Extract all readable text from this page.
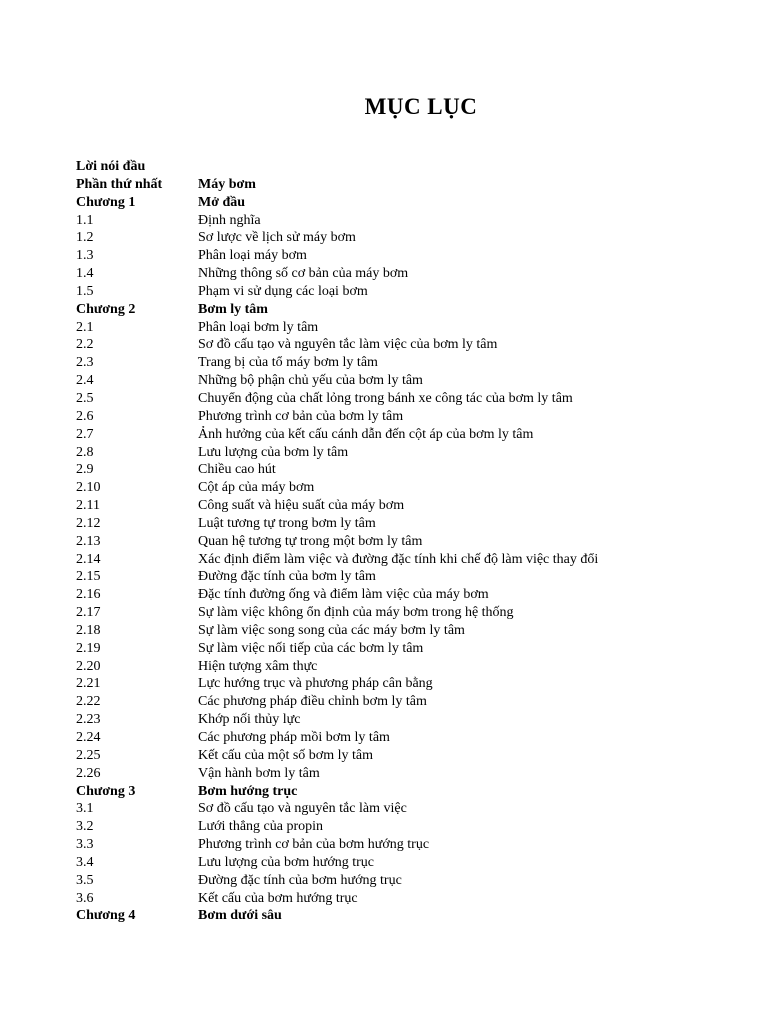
MỤC LỤC
Lời nói đầu
Phần thứ nhất	Máy bơm
Chương 1	Mở đầu
1.1	Định nghĩa
1.2	Sơ lược về lịch sử máy bơm
1.3	Phân loại máy bơm
1.4	Những thông số cơ bản của máy bơm
1.5	Phạm vi sử dụng các loại bơm
Chương 2	Bơm ly tâm
2.1	Phân loại bơm ly tâm
2.2	Sơ đồ cấu tạo và nguyên tắc làm việc của bơm ly tâm
2.3	Trang bị của tổ máy bơm ly tâm
2.4	Những bộ phận chủ yếu của bơm ly tâm
2.5	Chuyển động của chất lỏng trong bánh xe công tác của bơm ly tâm
2.6	Phương trình cơ bản của bơm ly tâm
2.7	Ảnh hưởng của kết cấu cánh dẫn đến cột áp của bơm ly tâm
2.8	Lưu lượng của bơm ly tâm
2.9	Chiều cao hút
2.10	Cột áp của máy bơm
2.11	Công suất và hiệu suất của máy bơm
2.12	Luật tương tự trong bơm ly tâm
2.13	Quan hệ tương tự trong một bơm ly tâm
2.14	Xác định điểm làm việc và đường đặc tính khi chế độ làm việc thay đổi
2.15	Đường đặc tính của bơm ly tâm
2.16	Đặc tính đường ống và điểm làm việc của máy bơm
2.17	Sự làm việc không ổn định của máy bơm trong hệ thống
2.18	Sự làm việc song song của các máy bơm ly tâm
2.19	Sự làm việc nối tiếp của các bơm ly tâm
2.20	Hiện tượng xâm thực
2.21	Lực hướng trục và phương pháp cân bằng
2.22	Các phương pháp điều chỉnh bơm ly tâm
2.23	Khớp nối thủy lực
2.24	Các phương pháp mồi bơm ly tâm
2.25	Kết cấu của một số bơm ly tâm
2.26	Vận hành bơm ly tâm
Chương 3	Bơm hướng trục
3.1	Sơ đồ cấu tạo và nguyên tắc làm việc
3.2	Lưới thẳng của propin
3.3	Phương trình cơ bản của bơm hướng trục
3.4	Lưu lượng của bơm hướng trục
3.5	Đường đặc tính của bơm hướng trục
3.6	Kết cấu của bơm hướng trục
Chương 4	Bơm dưới sâu
